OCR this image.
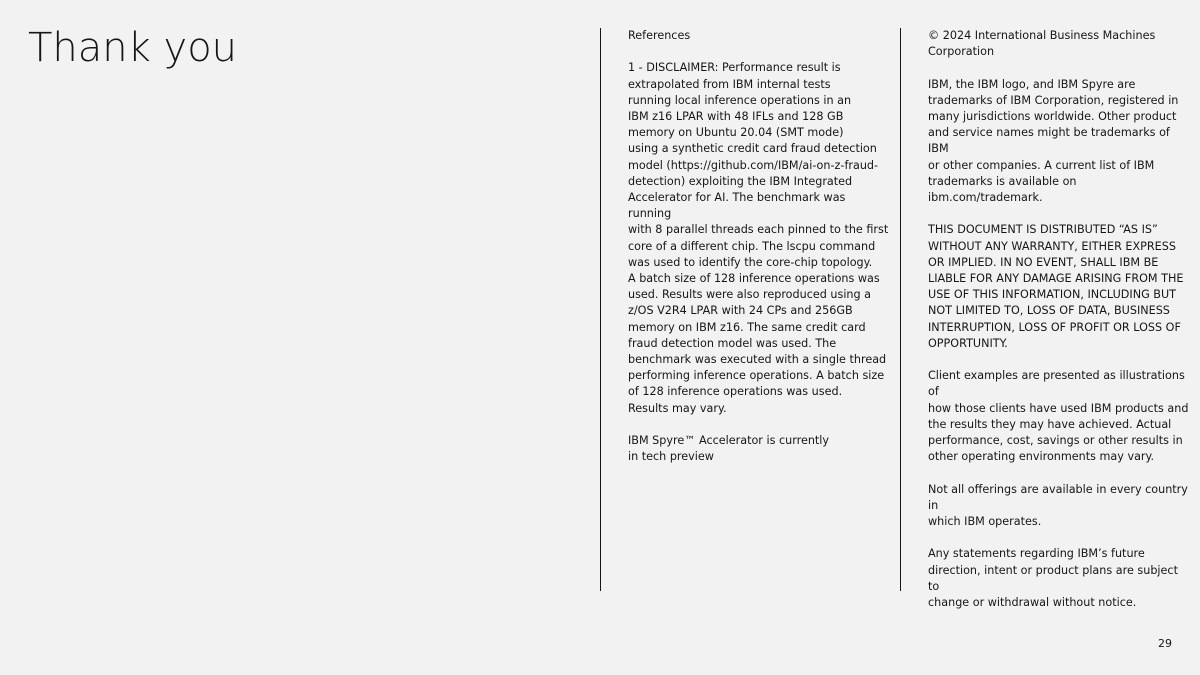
Thank you	References

1 - DISCLAIMER: Performance result is
extrapolated from IBM internal tests
running local inference operations in an
IBM z16 LPAR with 48 IFLs and 128 GB
memory on Ubuntu 20.04 (SMT mode)
using a synthetic credit card fraud detection
model (https://github.com/IBM/ai-on-z-fraud-
detection) exploiting the IBM Integrated
Accelerator for AI. The benchmark was running
with 8 parallel threads each pinned to the first
core of a different chip. The lscpu command
was used to identify the core-chip topology.
A batch size of 128 inference operations was
used. Results were also reproduced using a
z/OS V2R4 LPAR with 24 CPs and 256GB
memory on IBM z16. The same credit card
fraud detection model was used. The
benchmark was executed with a single thread
performing inference operations. A batch size
of 128 inference operations was used.
Results may vary.

IBM Spyre™ Accelerator is currently
in tech preview

© 2024 International Business Machines
Corporation

IBM, the IBM logo, and IBM Spyre are
trademarks of IBM Corporation, registered in
many jurisdictions worldwide. Other product
and service names might be trademarks of IBM
or other companies. A current list of IBM
trademarks is available on ibm.com/trademark.

THIS DOCUMENT IS DISTRIBUTED “AS IS”
WITHOUT ANY WARRANTY, EITHER EXPRESS
OR IMPLIED. IN NO EVENT, SHALL IBM BE
LIABLE FOR ANY DAMAGE ARISING FROM THE
USE OF THIS INFORMATION, INCLUDING BUT
NOT LIMITED TO, LOSS OF DATA, BUSINESS
INTERRUPTION, LOSS OF PROFIT OR LOSS OF
OPPORTUNITY.

Client examples are presented as illustrations of
how those clients have used IBM products and
the results they may have achieved. Actual
performance, cost, savings or other results in
other operating environments may vary.

Not all offerings are available in every country in
which IBM operates.

Any statements regarding IBM’s future
direction, intent or product plans are subject to
change or withdrawal without notice.

29
